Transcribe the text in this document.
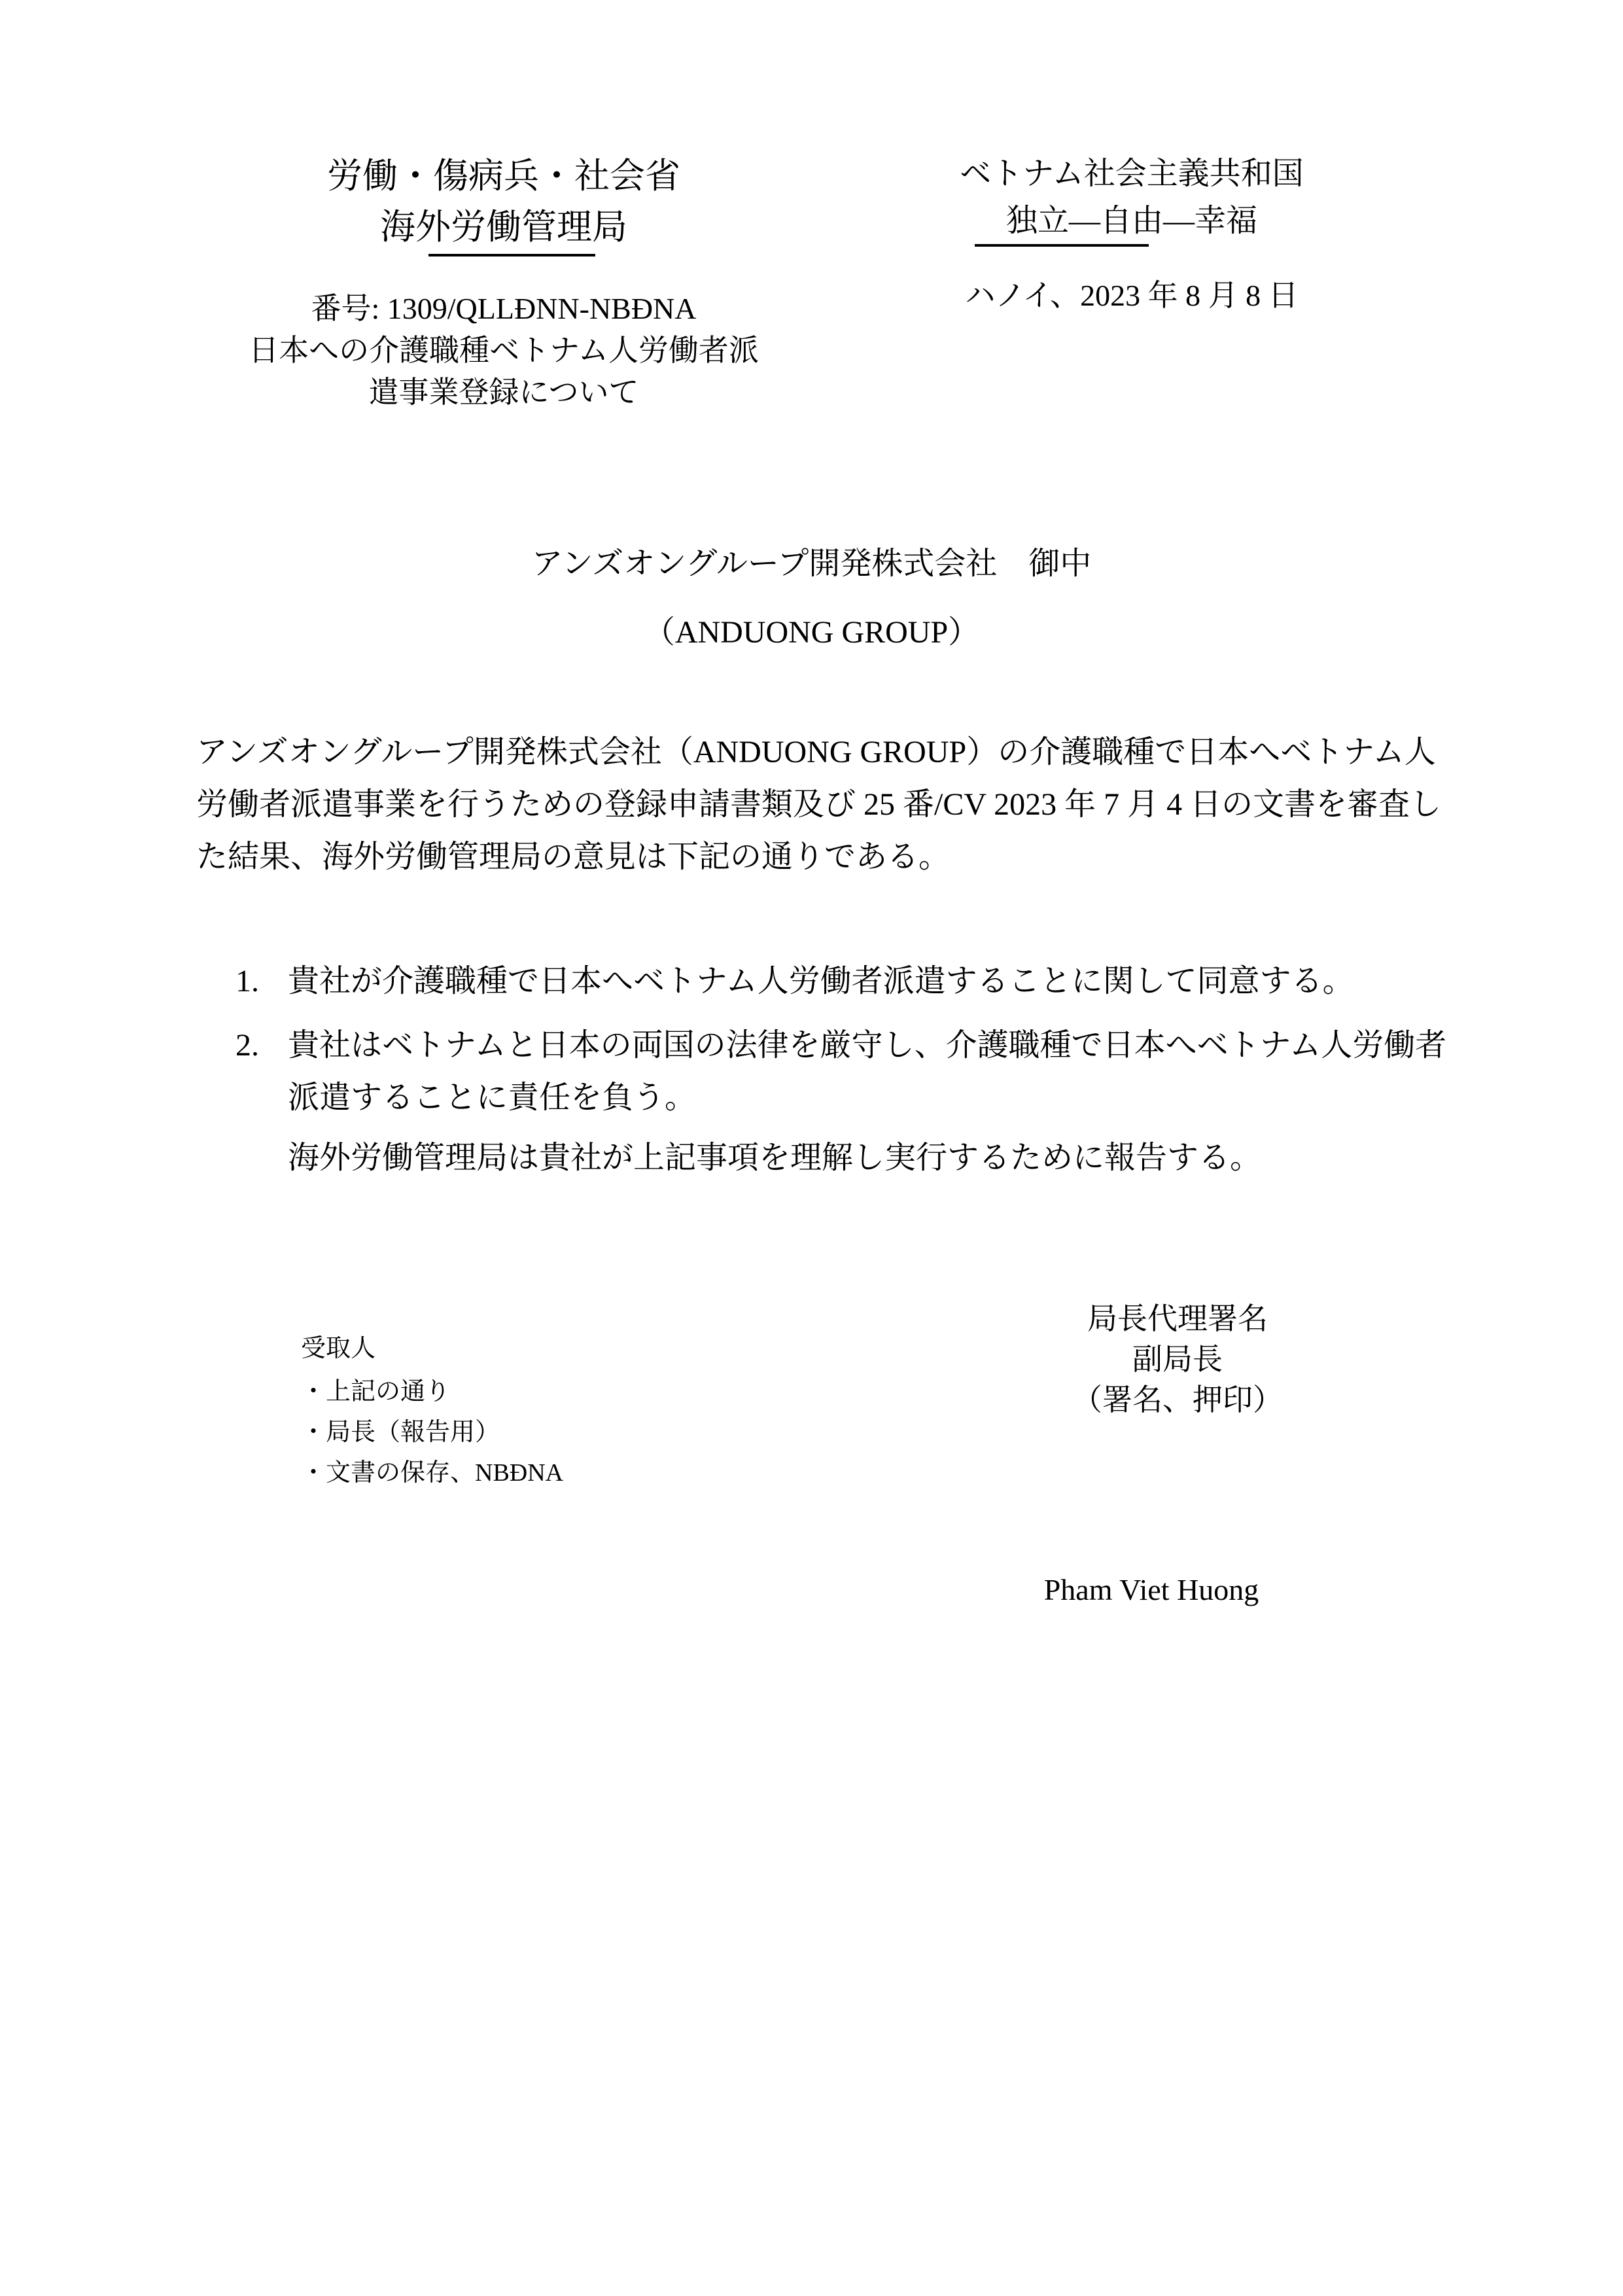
労働・傷病兵・社会省
海外労働管理局
ベトナム社会主義共和国
独立—自由—幸福
番号: 1309/QLLĐNN-NBĐNA
日本への介護職種ベトナム人労働者派
遣事業登録について
ハノイ、2023 年 8 月 8 日
アンズオングループ開発株式会社　御中
（ANDUONG GROUP）
アンズオングループ開発株式会社（ANDUONG GROUP）の介護職種で日本へベトナム人労働者派遣事業を行うための登録申請書類及び 25 番/CV 2023 年 7 月 4 日の文書を審査した結果、海外労働管理局の意見は下記の通りである。
1. 貴社が介護職種で日本へベトナム人労働者派遣することに関して同意する。
2. 貴社はベトナムと日本の両国の法律を厳守し、介護職種で日本へベトナム人労働者派遣することに責任を負う。
海外労働管理局は貴社が上記事項を理解し実行するために報告する。
受取人
・上記の通り
・局長（報告用）
・文書の保存、NBĐNA
局長代理署名
副局長
（署名、押印）
Pham Viet Huong
